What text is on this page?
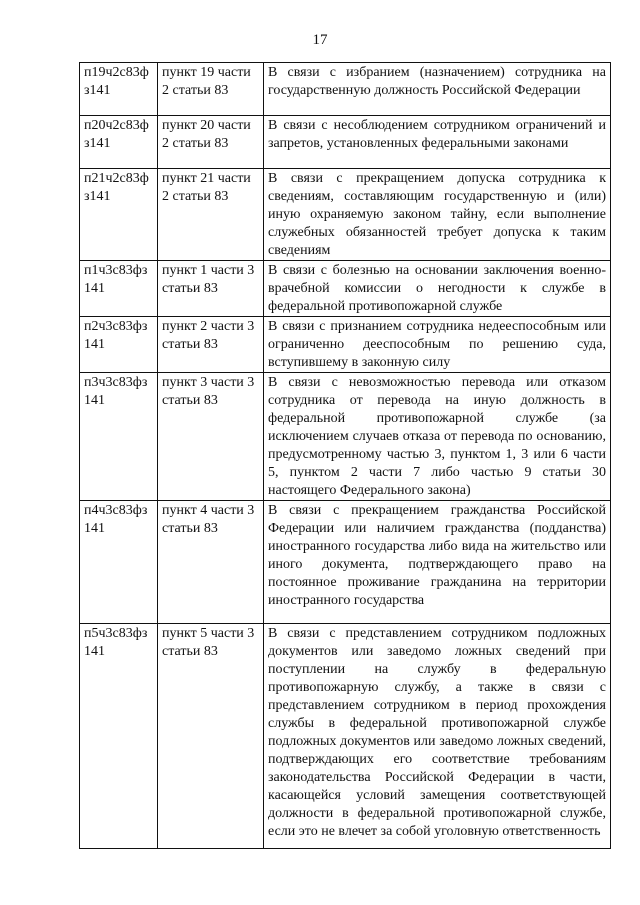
17
п19ч2с83ф з141	пункт 19 части 2 статьи 83	В связи с избранием (назначением) сотрудника на государственную должность Российской Федерации
п20ч2с83ф з141	пункт 20 части 2 статьи 83	В связи с несоблюдением сотрудником ограничений и запретов, установленных федеральными законами
п21ч2с83ф з141	пункт 21 части 2 статьи 83	В связи с прекращением допуска сотрудника к сведениям, составляющим государственную и (или) иную охраняемую законом тайну, если выполнение служебных обязанностей требует допуска к таким сведениям
п1ч3с83фз 141	пункт 1 части 3 статьи 83	В связи с болезнью на основании заключения военно-врачебной комиссии о негодности к службе в федеральной противопожарной службе
п2ч3с83фз 141	пункт 2 части 3 статьи 83	В связи с признанием сотрудника недееспособным или ограниченно дееспособным по решению суда, вступившему в законную силу
п3ч3с83фз 141	пункт 3 части 3 статьи 83	В связи с невозможностью перевода или отказом сотрудника от перевода на иную должность в федеральной противопожарной службе (за исключением случаев отказа от перевода по основанию, предусмотренному частью 3, пунктом 1, 3 или 6 части 5, пунктом 2 части 7 либо частью 9 статьи 30 настоящего Федерального закона)
п4ч3с83фз 141	пункт 4 части 3 статьи 83	В связи с прекращением гражданства Российской Федерации или наличием гражданства (подданства) иностранного государства либо вида на жительство или иного документа, подтверждающего право на постоянное проживание гражданина на территории иностранного государства
п5ч3с83фз 141	пункт 5 части 3 статьи 83	В связи с представлением сотрудником подложных документов или заведомо ложных сведений при поступлении на службу в федеральную противопожарную службу, а также в связи с представлением сотрудником в период прохождения службы в федеральной противопожарной службе подложных документов или заведомо ложных сведений, подтверждающих его соответствие требованиям законодательства Российской Федерации в части, касающейся условий замещения соответствующей должности в федеральной противопожарной службе, если это не влечет за собой уголовную ответственность
